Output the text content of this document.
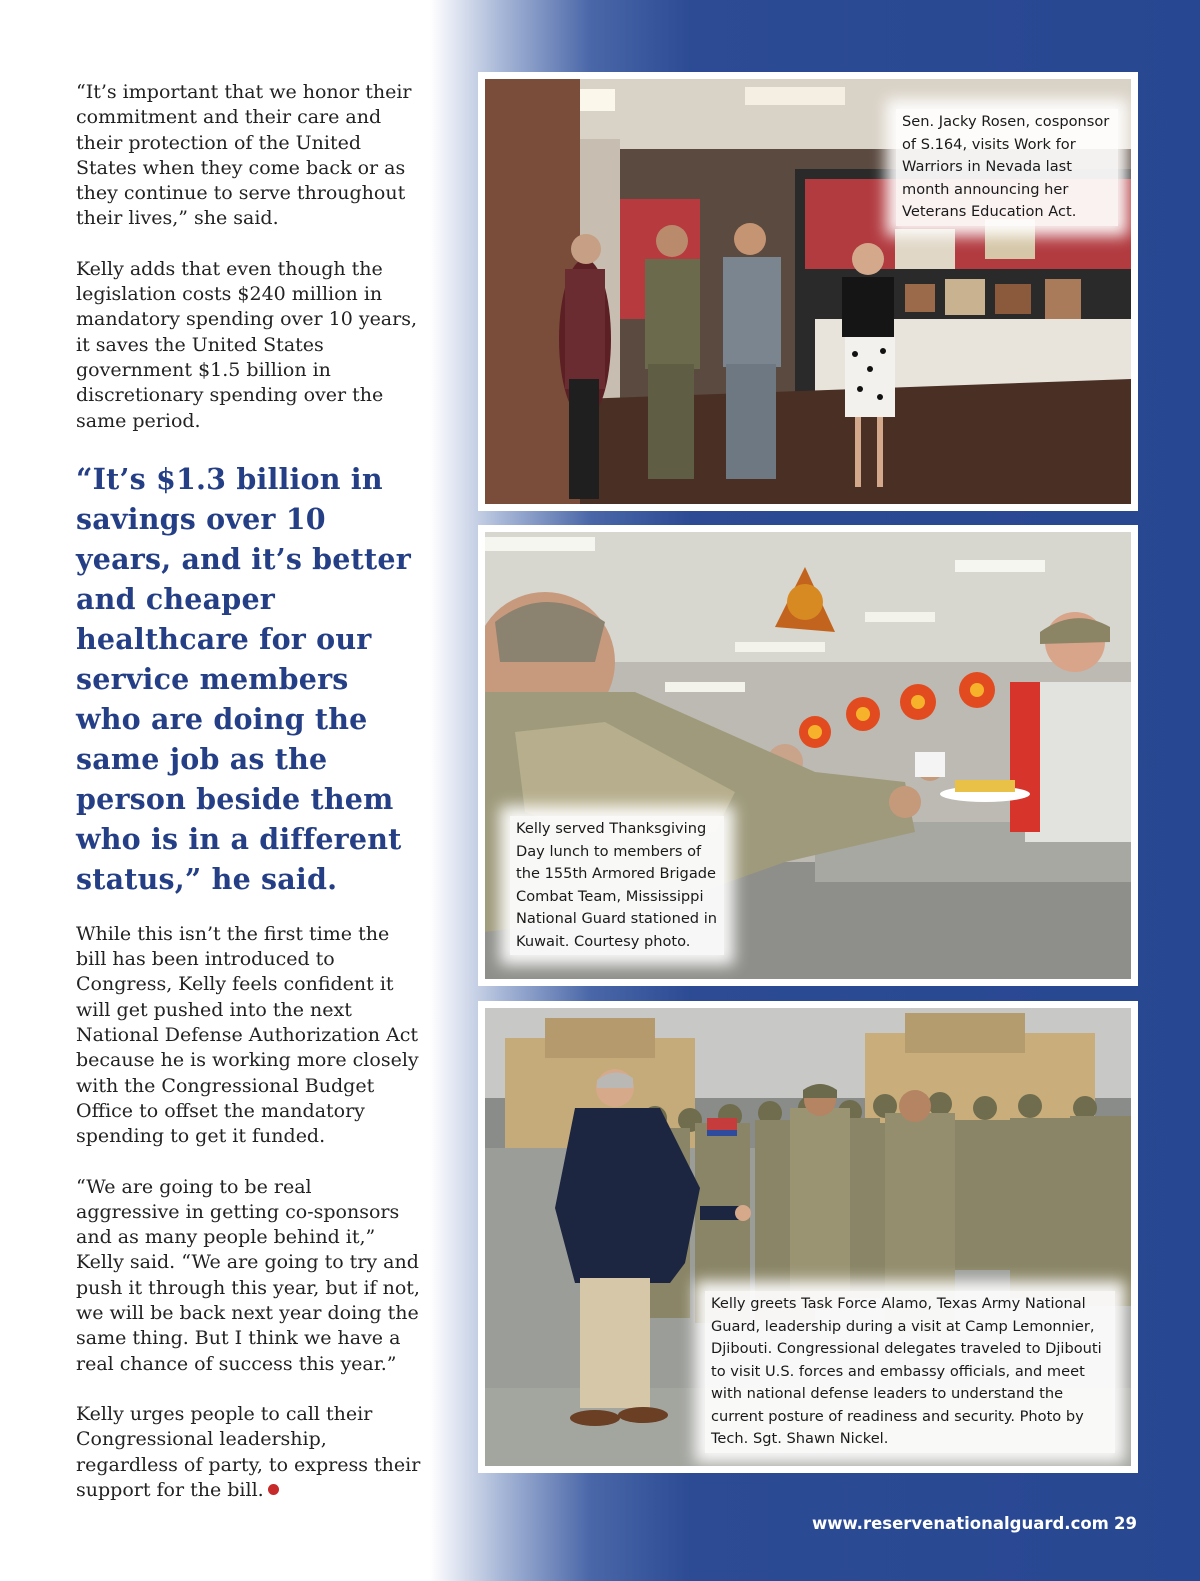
“It’s important that we honor their commitment and their care and their protection of the United States when they come back or as they continue to serve throughout their lives,” she said.

Kelly adds that even though the legislation costs $240 million in mandatory spending over 10 years, it saves the United States government $1.5 billion in discretionary spending over the same period.

“It’s $1.3 billion in savings over 10 years, and it’s better and cheaper healthcare for our service members who are doing the same job as the person beside them who is in a different status,” he said.

While this isn’t the first time the bill has been introduced to Congress, Kelly feels confident it will get pushed into the next National Defense Authorization Act because he is working more closely with the Congressional Budget Office to offset the mandatory spending to get it funded.

“We are going to be real aggressive in getting co-sponsors and as many people behind it,” Kelly said. “We are going to try and push it through this year, but if not, we will be back next year doing the same thing. But I think we have a real chance of success this year.”

Kelly urges people to call their Congressional leadership, regardless of party, to express their support for the bill.

Sen. Jacky Rosen, cosponsor of S.164, visits Work for Warriors in Nevada last month announcing her Veterans Education Act.
Kelly served Thanksgiving Day lunch to members of the 155th Armored Brigade Combat Team, Mississippi National Guard stationed in Kuwait. Courtesy photo.
Kelly greets Task Force Alamo, Texas Army National Guard, leadership during a visit at Camp Lemonnier, Djibouti. Congressional delegates traveled to Djibouti to visit U.S. forces and embassy officials, and meet with national defense leaders to understand the current posture of readiness and security. Photo by Tech. Sgt. Shawn Nickel.
www.reservenationalguard.com 29
